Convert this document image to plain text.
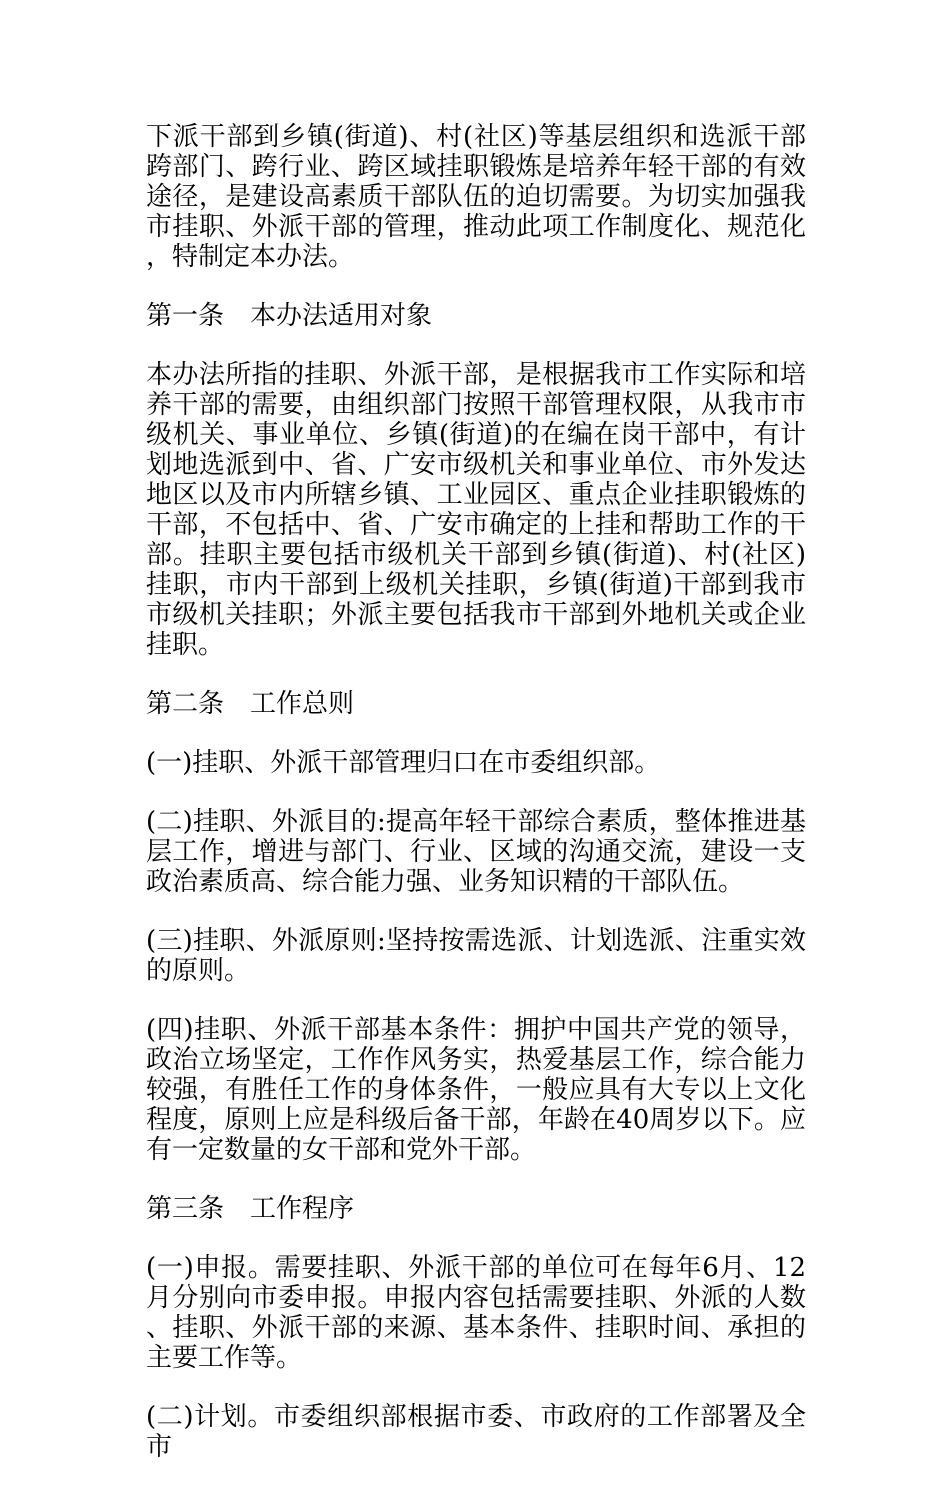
下派干部到乡镇(街道)、村(社区)等基层组织和选派干部跨部门、跨行业、跨区域挂职锻炼是培养年轻干部的有效途径，是建设高素质干部队伍的迫切需要。为切实加强我市挂职、外派干部的管理，推动此项工作制度化、规范化，特制定本办法。

第一条　本办法适用对象

本办法所指的挂职、外派干部，是根据我市工作实际和培养干部的需要，由组织部门按照干部管理权限，从我市市级机关、事业单位、乡镇(街道)的在编在岗干部中，有计划地选派到中、省、广安市级机关和事业单位、市外发达地区以及市内所辖乡镇、工业园区、重点企业挂职锻炼的干部，不包括中、省、广安市确定的上挂和帮助工作的干部。挂职主要包括市级机关干部到乡镇(街道)、村(社区)挂职，市内干部到上级机关挂职，乡镇(街道)干部到我市市级机关挂职；外派主要包括我市干部到外地机关或企业挂职。

第二条　工作总则

(一)挂职、外派干部管理归口在市委组织部。

(二)挂职、外派目的:提高年轻干部综合素质，整体推进基层工作，增进与部门、行业、区域的沟通交流，建设一支政治素质高、综合能力强、业务知识精的干部队伍。

(三)挂职、外派原则:坚持按需选派、计划选派、注重实效的原则。

(四)挂职、外派干部基本条件：拥护中国共产党的领导，政治立场坚定，工作作风务实，热爱基层工作，综合能力较强，有胜任工作的身体条件，一般应具有大专以上文化程度，原则上应是科级后备干部，年龄在40周岁以下。应有一定数量的女干部和党外干部。

第三条　工作程序

(一)申报。需要挂职、外派干部的单位可在每年6月、12月分别向市委申报。申报内容包括需要挂职、外派的人数、挂职、外派干部的来源、基本条件、挂职时间、承担的主要工作等。

(二)计划。市委组织部根据市委、市政府的工作部署及全市
